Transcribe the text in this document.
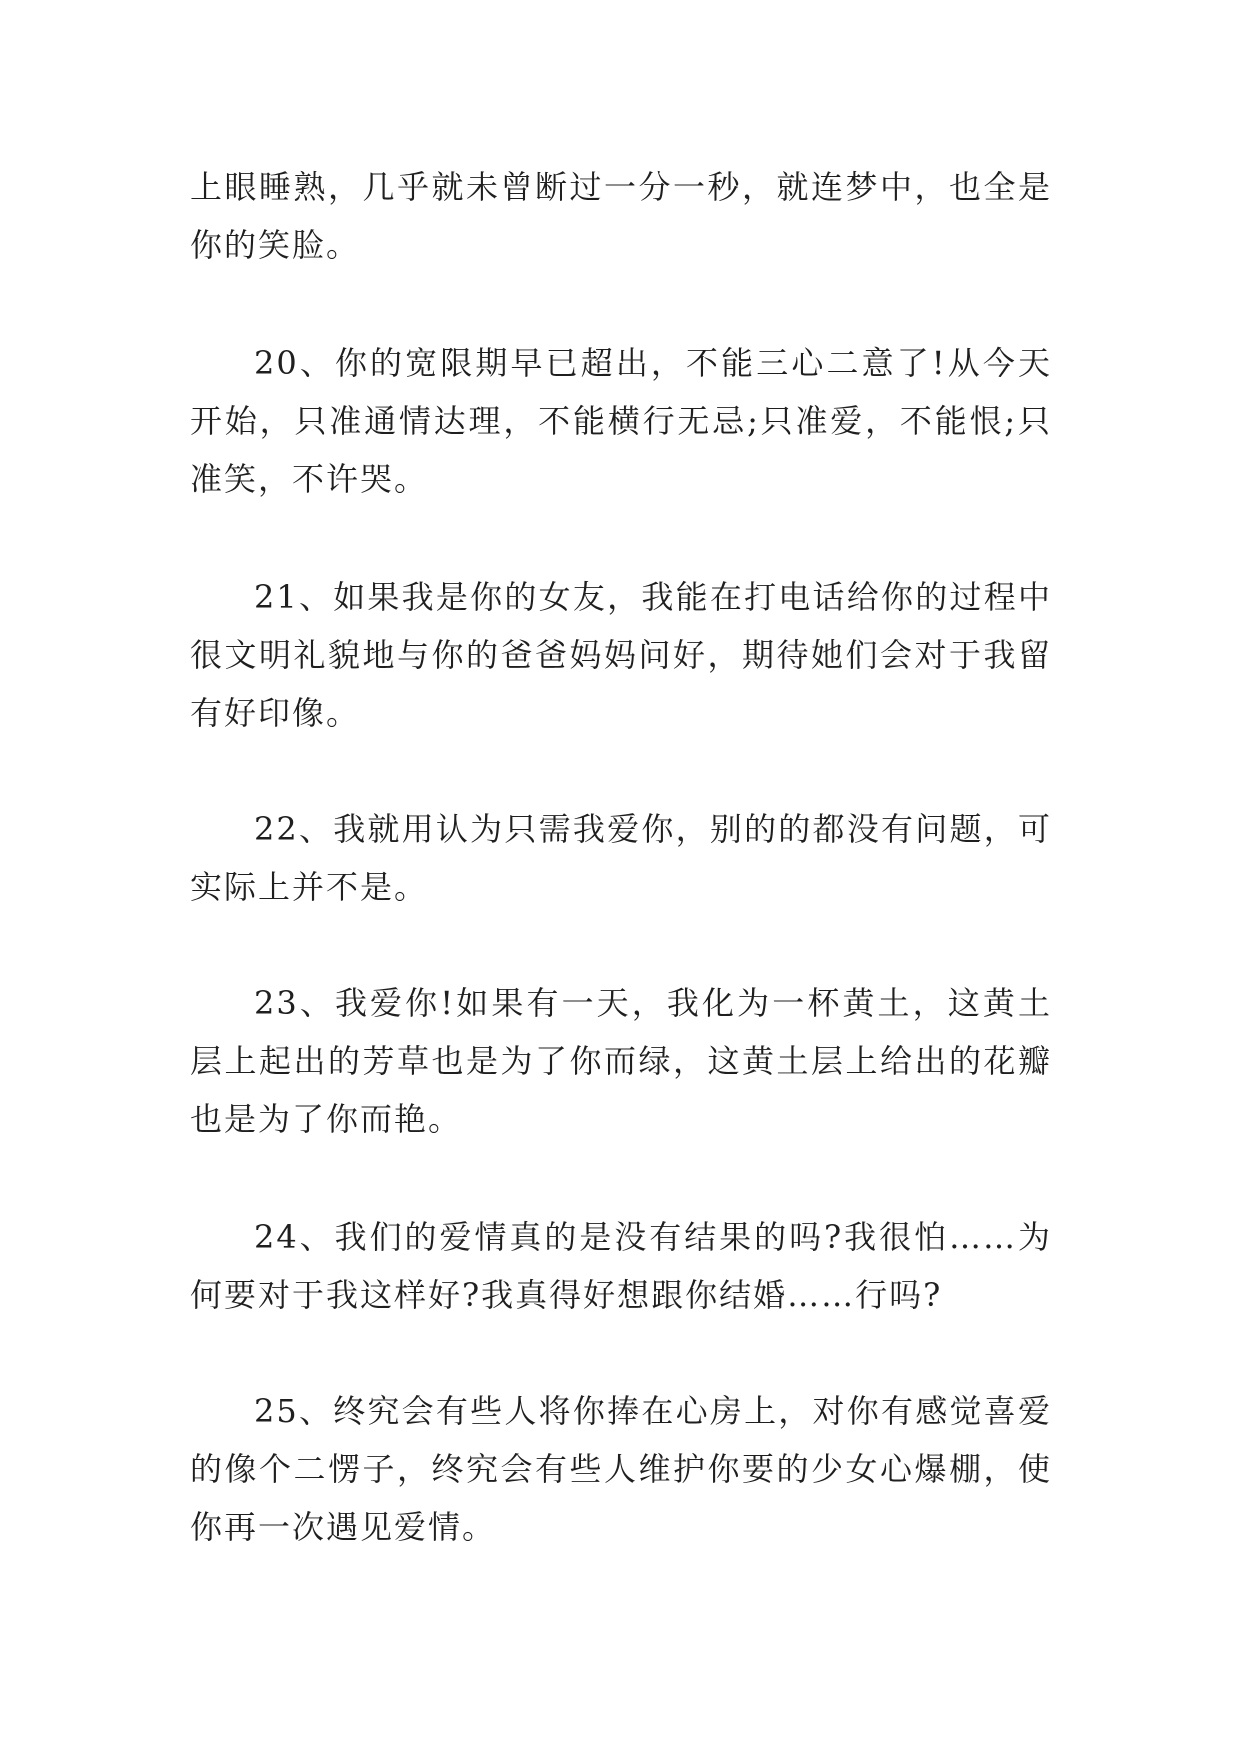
上眼睡熟，几乎就未曾断过一分一秒，就连梦中，也全是你的笑脸。

20、你的宽限期早已超出，不能三心二意了!从今天开始，只准通情达理，不能横行无忌;只准爱，不能恨;只准笑，不许哭。

21、如果我是你的女友，我能在打电话给你的过程中很文明礼貌地与你的爸爸妈妈问好，期待她们会对于我留有好印像。

22、我就用认为只需我爱你，别的的都没有问题，可实际上并不是。

23、我爱你!如果有一天，我化为一杯黄土，这黄土层上起出的芳草也是为了你而绿，这黄土层上给出的花瓣也是为了你而艳。

24、我们的爱情真的是没有结果的吗?我很怕……为何要对于我这样好?我真得好想跟你结婚……行吗?

25、终究会有些人将你捧在心房上，对你有感觉喜爱的像个二愣子，终究会有些人维护你要的少女心爆棚，使你再一次遇见爱情。
